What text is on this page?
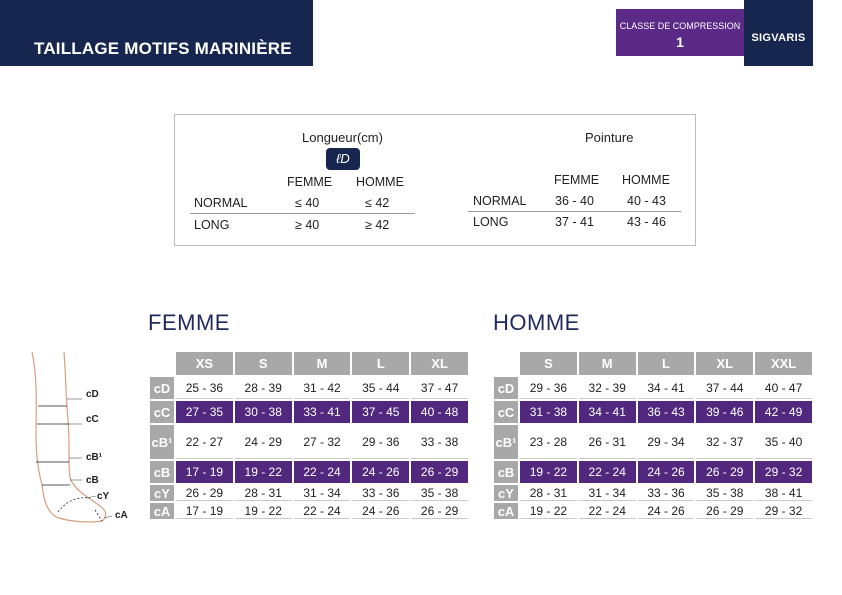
TAILLAGE MOTIFS MARINIÈRE
CLASSE DE COMPRESSION
1	SIGVARIS
Longueur(cm)
ℓD
FEMME HOMME
NORMAL	≤ 40	≤ 42
LONG	≥ 40	≥ 42
Pointure
FEMME HOMME
NORMAL 36 - 40	40 - 43
LONG	37 - 41	43 - 46
FEMME	HOMME
cD
cC
cB¹
cB
cY
cA
	XS	S	M	L	XL
cD	25 - 36	28 - 39	31 - 42	35 - 44	37 - 47
cC	27 - 35	30 - 38	33 - 41	37 - 45	40 - 48
cB¹	22 - 27	24 - 29	27 - 32	29 - 36	33 - 38
cB	17 - 19	19 - 22	22 - 24	24 - 26	26 - 29
cY	26 - 29	28 - 31	31 - 34	33 - 36	35 - 38
cA	17 - 19	19 - 22	22 - 24	24 - 26	26 - 29
	S	M	L	XL	XXL
cD	29 - 36	32 - 39	34 - 41	37 - 44	40 - 47
cC	31 - 38	34 - 41	36 - 43	39 - 46	42 - 49
cB¹	23 - 28	26 - 31	29 - 34	32 - 37	35 - 40
cB	19 - 22	22 - 24	24 - 26	26 - 29	29 - 32
cY	28 - 31	31 - 34	33 - 36	35 - 38	38 - 41
cA	19 - 22	22 - 24	24 - 26	26 - 29	29 - 32
